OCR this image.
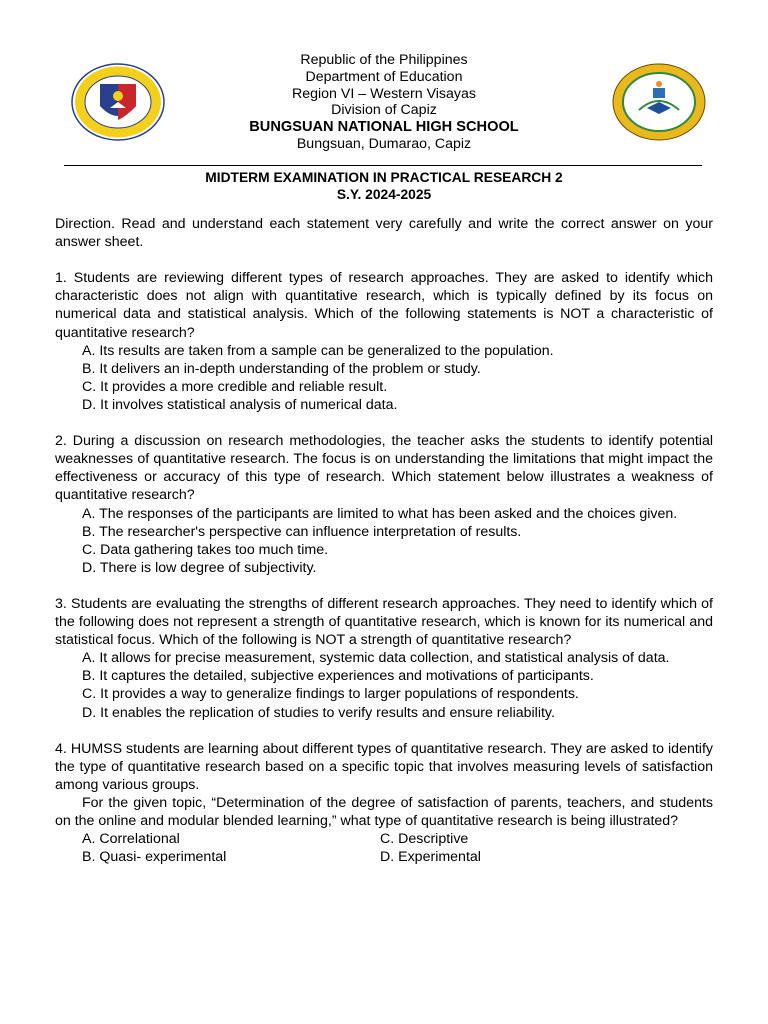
Republic of the Philippines
Department of Education
Region VI – Western Visayas
Division of Capiz
BUNGSUAN NATIONAL HIGH SCHOOL
Bungsuan, Dumarao, Capiz
MIDTERM EXAMINATION IN PRACTICAL RESEARCH 2
S.Y. 2024-2025

Direction. Read and understand each statement very carefully and write the correct answer on your answer sheet.

1. Students are reviewing different types of research approaches. They are asked to identify which characteristic does not align with quantitative research, which is typically defined by its focus on numerical data and statistical analysis. Which of the following statements is NOT a characteristic of quantitative research?

A. Its results are taken from a sample can be generalized to the population.

B. It delivers an in-depth understanding of the problem or study.

C. It provides a more credible and reliable result.

D. It involves statistical analysis of numerical data.

2. During a discussion on research methodologies, the teacher asks the students to identify potential weaknesses of quantitative research. The focus is on understanding the limitations that might impact the effectiveness or accuracy of this type of research. Which statement below illustrates a weakness of quantitative research?

A. The responses of the participants are limited to what has been asked and the choices given.

B. The researcher's perspective can influence interpretation of results.

C. Data gathering takes too much time.

D. There is low degree of subjectivity.

3. Students are evaluating the strengths of different research approaches. They need to identify which of the following does not represent a strength of quantitative research, which is known for its numerical and statistical focus. Which of the following is NOT a strength of quantitative research?

A. It allows for precise measurement, systemic data collection, and statistical analysis of data.

B. It captures the detailed, subjective experiences and motivations of participants.

C. It provides a way to generalize findings to larger populations of respondents.

D. It enables the replication of studies to verify results and ensure reliability.

4. HUMSS students are learning about different types of quantitative research. They are asked to identify the type of quantitative research based on a specific topic that involves measuring levels of satisfaction among various groups.

For the given topic, “Determination of the degree of satisfaction of parents, teachers, and students on the online and modular blended learning,” what type of quantitative research is being illustrated?

A. Correlational	C. Descriptive
B. Quasi- experimental	D. Experimental
